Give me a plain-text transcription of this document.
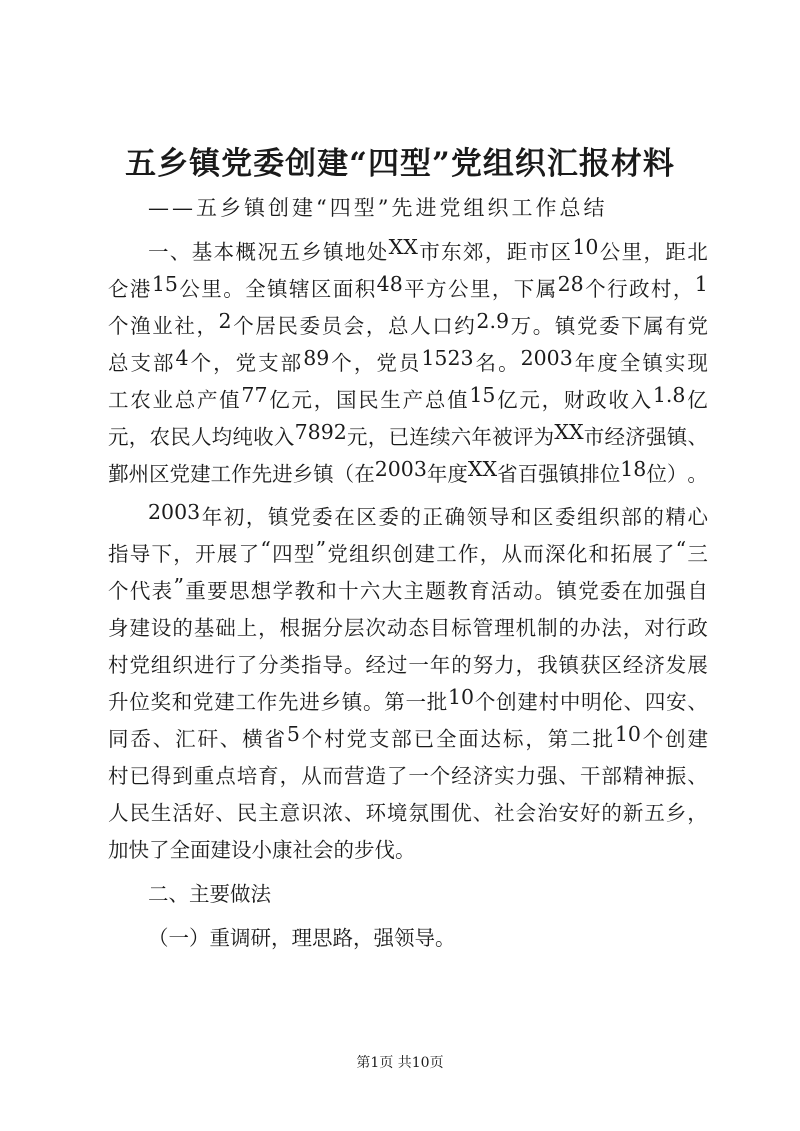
五乡镇党委创建“四型”党组织汇报材料

——五乡镇创建“四型”先进党组织工作总结

一 、 基 本 概 况 五 乡 镇 地 处 XX 市 东 郊 ， 距 市 区 10 公 里 ， 距 北

仑 港 15 公 里 。 全 镇 辖 区 面 积 48 平 方 公 里 ， 下 属 28 个 行 政 村 ， 1

个 渔 业 社 ， 2 个 居 民 委 员 会 ， 总 人 口 约 2.9 万 。 镇 党 委 下 属 有 党

总 支 部 4 个 ， 党 支 部 89 个 ， 党 员 1523 名 。 2003 年 度 全 镇 实 现

工 农 业 总 产 值 77 亿 元 ， 国 民 生 产 总 值 15 亿 元 ， 财 政 收 入 1.8 亿

元 ， 农 民 人 均 纯 收 入 7892 元 ， 已 连 续 六 年 被 评 为 XX 市 经 济 强 镇 、

鄞 州 区 党 建 工 作 先 进 乡 镇 （ 在 2003 年 度 XX 省 百 强 镇 排 位 18 位 ） 。

2003 年 初 ， 镇 党 委 在 区 委 的 正 确 领 导 和 区 委 组 织 部 的 精 心

指 导 下 ， 开 展 了 “ 四 型 ” 党 组 织 创 建 工 作 ， 从 而 深 化 和 拓 展 了 “ 三

个 代 表 ” 重 要 思 想 学 教 和 十 六 大 主 题 教 育 活 动 。 镇 党 委 在 加 强 自

身 建 设 的 基 础 上 ， 根 据 分 层 次 动 态 目 标 管 理 机 制 的 办 法 ， 对 行 政

村 党 组 织 进 行 了 分 类 指 导 。 经 过 一 年 的 努 力 ， 我 镇 获 区 经 济 发 展

升 位 奖 和 党 建 工 作 先 进 乡 镇 。 第 一 批 10 个 创 建 村 中 明 伦 、 四 安 、

同 岙 、 汇 矸 、 横 省 5 个 村 党 支 部 已 全 面 达 标 ， 第 二 批 10 个 创 建

村 已 得 到 重 点 培 育 ， 从 而 营 造 了 一 个 经 济 实 力 强 、 干 部 精 神 振 、

人 民 生 活 好 、 民 主 意 识 浓 、 环 境 氛 围 优 、 社 会 治 安 好 的 新 五 乡 ，

加快了全面建设小康社会的步伐。

二、主要做法

（一）重调研，理思路，强领导。

第1页 共10页
